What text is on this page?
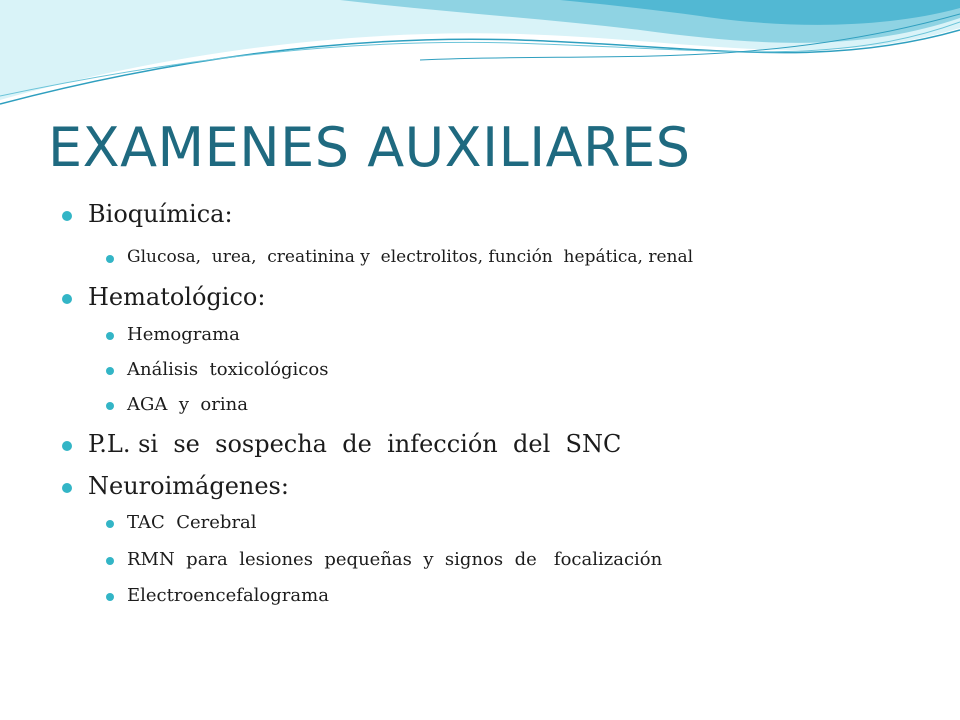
EXAMENES AUXILIARES
Bioquímica:
Glucosa,  urea,  creatinina y  electrolitos, función  hepática, renal
Hematológico:
Hemograma
Análisis  toxicológicos
AGA  y  orina
P.L. si  se  sospecha  de  infección  del  SNC
Neuroimágenes:
TAC  Cerebral
RMN  para  lesiones  pequeñas  y  signos  de   focalización
Electroencefalograma
